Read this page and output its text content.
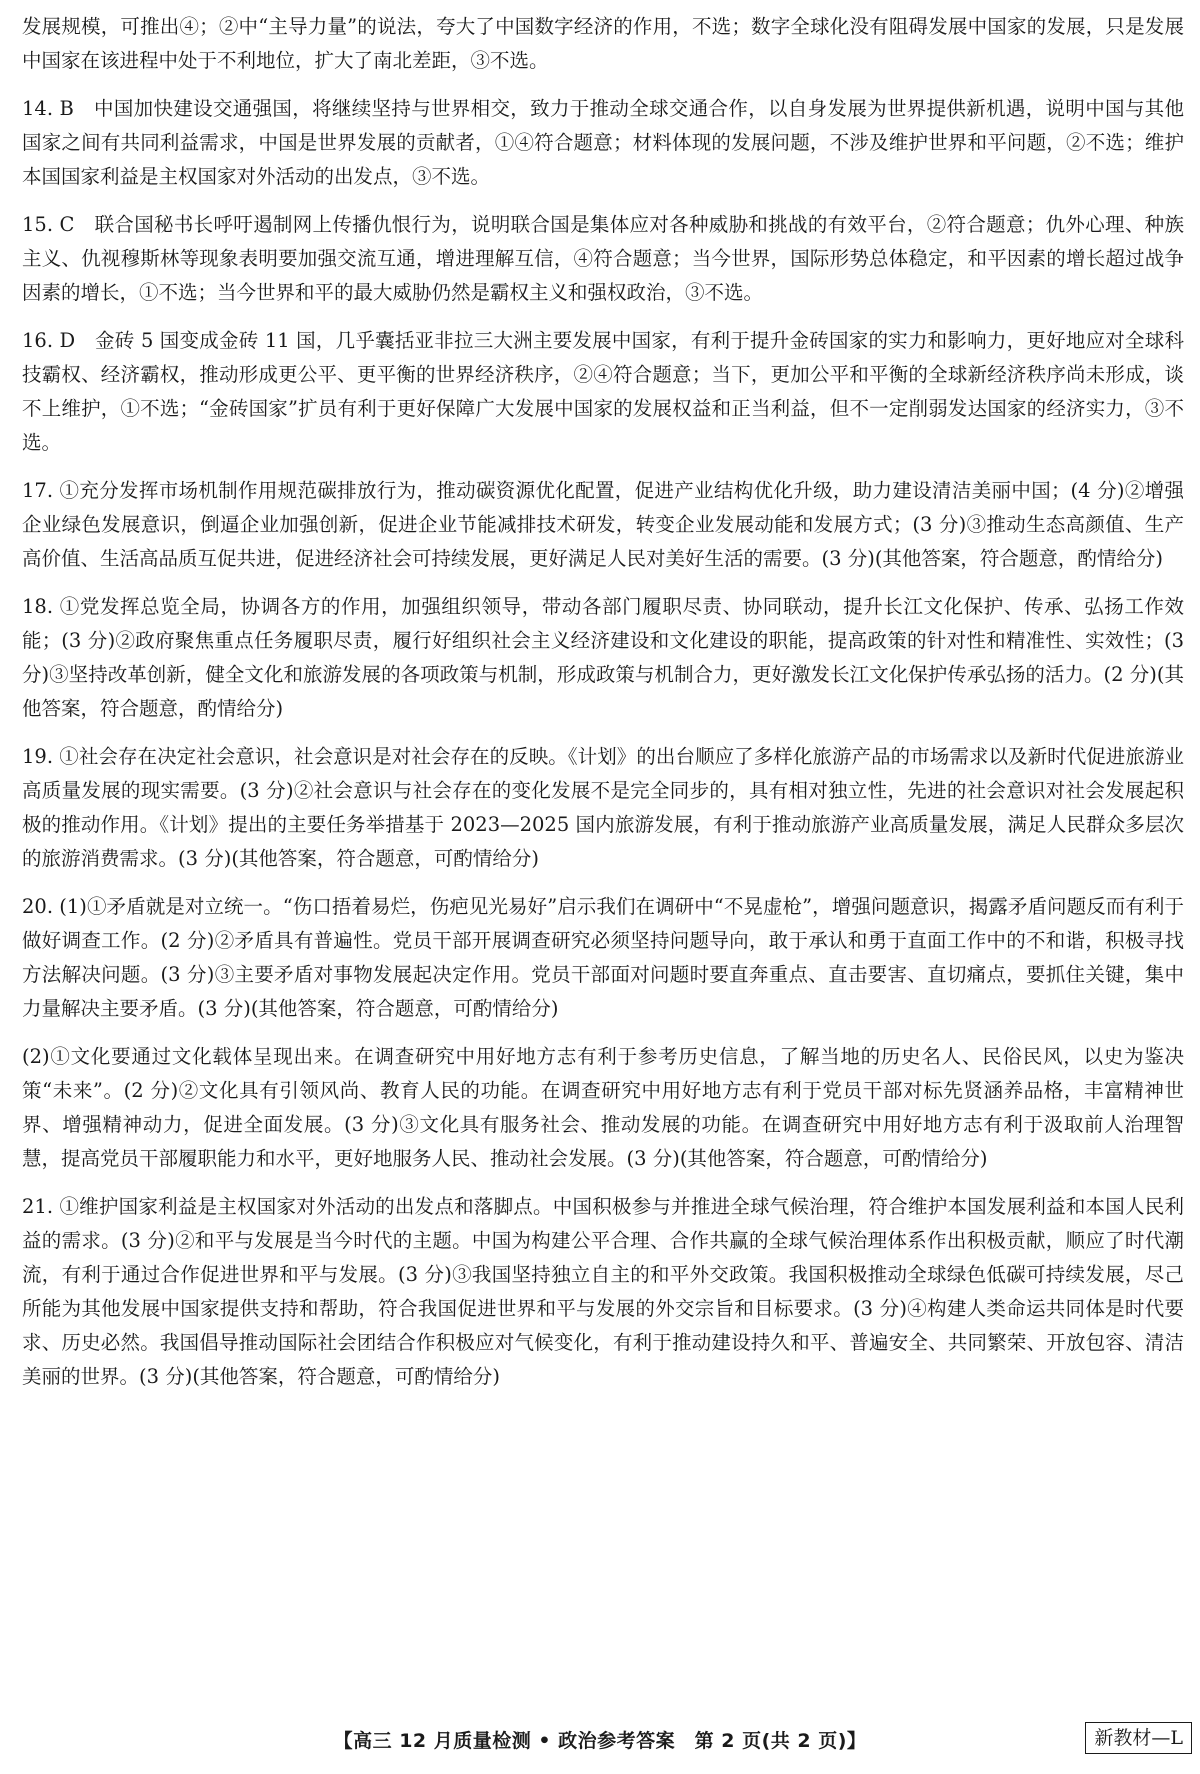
发展规模，可推出④；②中“主导力量”的说法，夸大了中国数字经济的作用，不选；数字全球化没有阻碍发展中国家的发展，只是发展中国家在该进程中处于不利地位，扩大了南北差距，③不选。

14. B　中国加快建设交通强国，将继续坚持与世界相交，致力于推动全球交通合作，以自身发展为世界提供新机遇，说明中国与其他国家之间有共同利益需求，中国是世界发展的贡献者，①④符合题意；材料体现的发展问题，不涉及维护世界和平问题，②不选；维护本国国家利益是主权国家对外活动的出发点，③不选。

15. C　联合国秘书长呼吁遏制网上传播仇恨行为，说明联合国是集体应对各种威胁和挑战的有效平台，②符合题意；仇外心理、种族主义、仇视穆斯林等现象表明要加强交流互通，增进理解互信，④符合题意；当今世界，国际形势总体稳定，和平因素的增长超过战争因素的增长，①不选；当今世界和平的最大威胁仍然是霸权主义和强权政治，③不选。

16. D　金砖 5 国变成金砖 11 国，几乎囊括亚非拉三大洲主要发展中国家，有利于提升金砖国家的实力和影响力，更好地应对全球科技霸权、经济霸权，推动形成更公平、更平衡的世界经济秩序，②④符合题意；当下，更加公平和平衡的全球新经济秩序尚未形成，谈不上维护，①不选；“金砖国家”扩员有利于更好保障广大发展中国家的发展权益和正当利益，但不一定削弱发达国家的经济实力，③不选。

17. ①充分发挥市场机制作用规范碳排放行为，推动碳资源优化配置，促进产业结构优化升级，助力建设清洁美丽中国；(4 分)②增强企业绿色发展意识，倒逼企业加强创新，促进企业节能减排技术研发，转变企业发展动能和发展方式；(3 分)③推动生态高颜值、生产高价值、生活高品质互促共进，促进经济社会可持续发展，更好满足人民对美好生活的需要。(3 分)(其他答案，符合题意，酌情给分)

18. ①党发挥总览全局，协调各方的作用，加强组织领导，带动各部门履职尽责、协同联动，提升长江文化保护、传承、弘扬工作效能；(3 分)②政府聚焦重点任务履职尽责，履行好组织社会主义经济建设和文化建设的职能，提高政策的针对性和精准性、实效性；(3 分)③坚持改革创新，健全文化和旅游发展的各项政策与机制，形成政策与机制合力，更好激发长江文化保护传承弘扬的活力。(2 分)(其他答案，符合题意，酌情给分)

19. ①社会存在决定社会意识，社会意识是对社会存在的反映。《计划》的出台顺应了多样化旅游产品的市场需求以及新时代促进旅游业高质量发展的现实需要。(3 分)②社会意识与社会存在的变化发展不是完全同步的，具有相对独立性，先进的社会意识对社会发展起积极的推动作用。《计划》提出的主要任务举措基于 2023—2025 国内旅游发展，有利于推动旅游产业高质量发展，满足人民群众多层次的旅游消费需求。(3 分)(其他答案，符合题意，可酌情给分)

20. (1)①矛盾就是对立统一。“伤口捂着易烂，伤疤见光易好”启示我们在调研中“不晃虚枪”，增强问题意识，揭露矛盾问题反而有利于做好调查工作。(2 分)②矛盾具有普遍性。党员干部开展调查研究必须坚持问题导向，敢于承认和勇于直面工作中的不和谐，积极寻找方法解决问题。(3 分)③主要矛盾对事物发展起决定作用。党员干部面对问题时要直奔重点、直击要害、直切痛点，要抓住关键，集中力量解决主要矛盾。(3 分)(其他答案，符合题意，可酌情给分)

(2)①文化要通过文化载体呈现出来。在调查研究中用好地方志有利于参考历史信息，了解当地的历史名人、民俗民风，以史为鉴决策“未来”。(2 分)②文化具有引领风尚、教育人民的功能。在调查研究中用好地方志有利于党员干部对标先贤涵养品格，丰富精神世界、增强精神动力，促进全面发展。(3 分)③文化具有服务社会、推动发展的功能。在调查研究中用好地方志有利于汲取前人治理智慧，提高党员干部履职能力和水平，更好地服务人民、推动社会发展。(3 分)(其他答案，符合题意，可酌情给分)

21. ①维护国家利益是主权国家对外活动的出发点和落脚点。中国积极参与并推进全球气候治理，符合维护本国发展利益和本国人民利益的需求。(3 分)②和平与发展是当今时代的主题。中国为构建公平合理、合作共赢的全球气候治理体系作出积极贡献，顺应了时代潮流，有利于通过合作促进世界和平与发展。(3 分)③我国坚持独立自主的和平外交政策。我国积极推动全球绿色低碳可持续发展，尽己所能为其他发展中国家提供支持和帮助，符合我国促进世界和平与发展的外交宗旨和目标要求。(3 分)④构建人类命运共同体是时代要求、历史必然。我国倡导推动国际社会团结合作积极应对气候变化，有利于推动建设持久和平、普遍安全、共同繁荣、开放包容、清洁美丽的世界。(3 分)(其他答案，符合题意，可酌情给分)

【高三 12 月质量检测 • 政治参考答案　第 2 页(共 2 页)】	新教材—L
